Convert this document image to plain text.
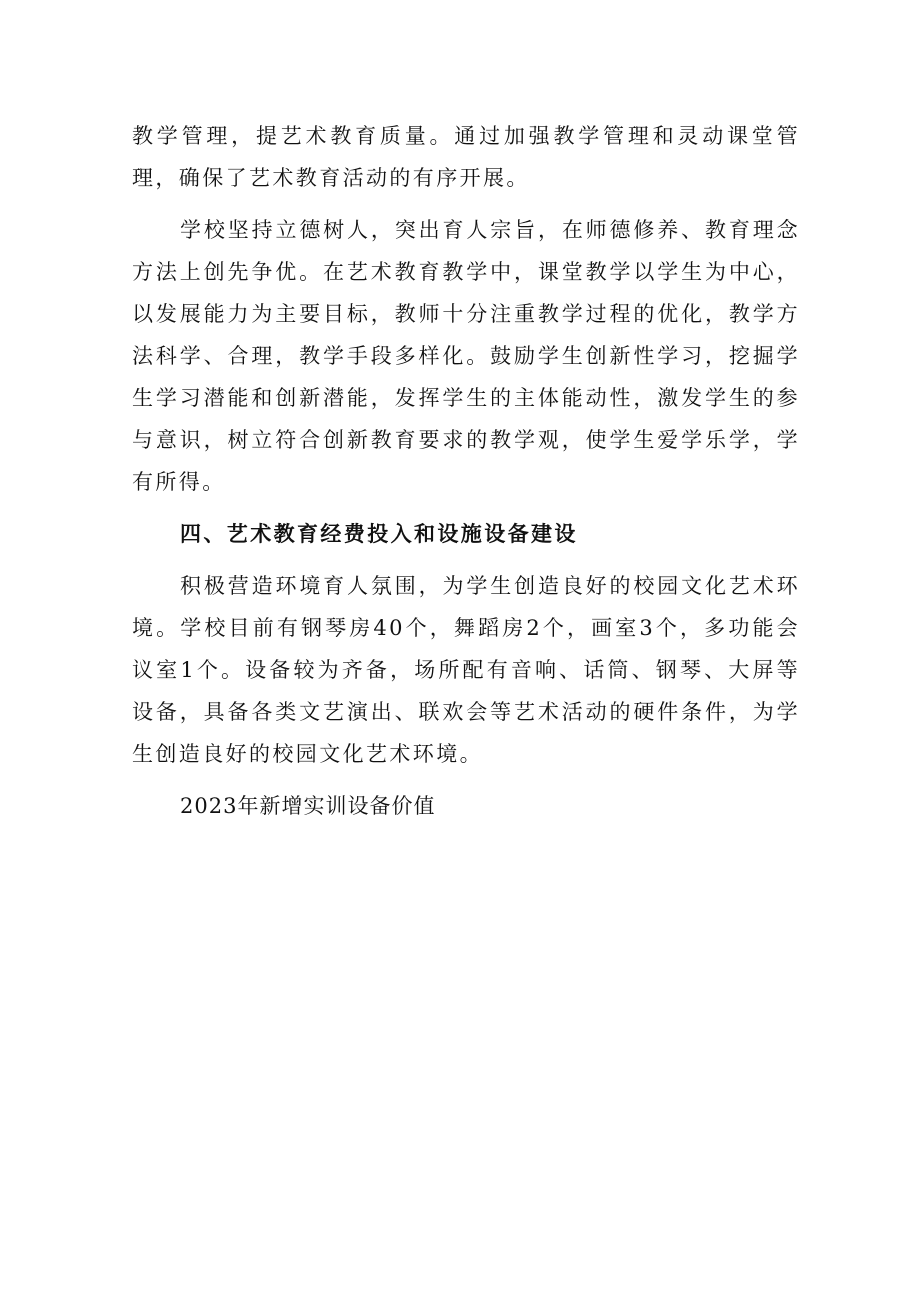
教学管理，提艺术教育质量。通过加强教学管理和灵动课堂管理，确保了艺术教育活动的有序开展。

学校坚持立德树人，突出育人宗旨，在师德修养、教育理念方法上创先争优。在艺术教育教学中，课堂教学以学生为中心，以发展能力为主要目标，教师十分注重教学过程的优化，教学方法科学、合理，教学手段多样化。鼓励学生创新性学习，挖掘学生学习潜能和创新潜能，发挥学生的主体能动性，激发学生的参与意识，树立符合创新教育要求的教学观，使学生爱学乐学，学有所得。

四、艺术教育经费投入和设施设备建设

积极营造环境育人氛围，为学生创造良好的校园文化艺术环境。学校目前有钢琴房40个，舞蹈房2个，画室3个，多功能会议室1个。设备较为齐备，场所配有音响、话筒、钢琴、大屏等设备，具备各类文艺演出、联欢会等艺术活动的硬件条件，为学生创造良好的校园文化艺术环境。

2023年新增实训设备价值
